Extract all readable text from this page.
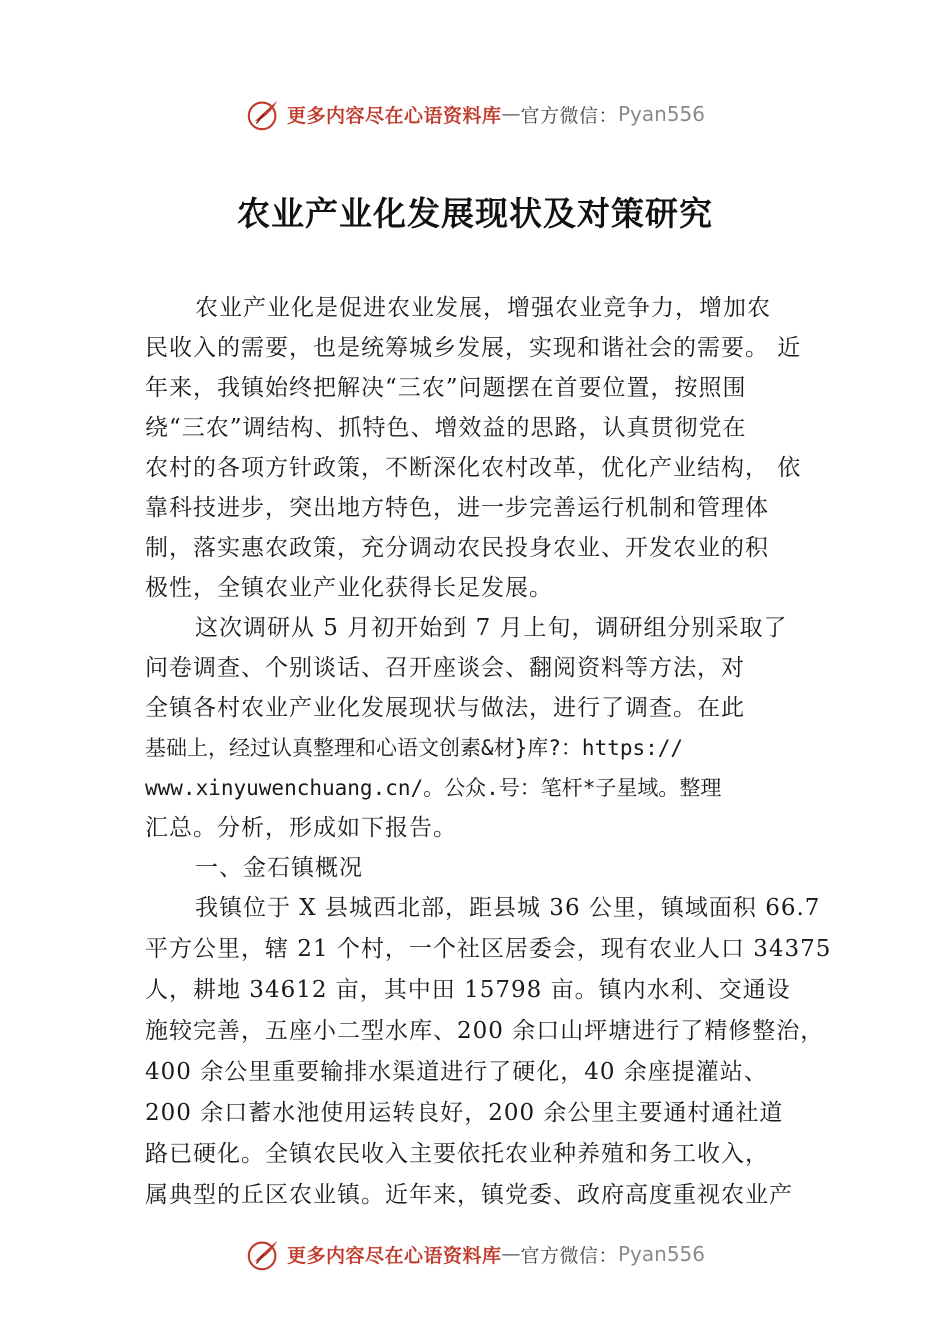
更多内容尽在心语资料库 — 官方微信： Pyan556
农业产业化发展现状及对策研究
农业产业化是促进农业发展，增强农业竞争力，增加农
民收入的需要，也是统筹城乡发展，实现和谐社会的需要。 近
年来，我镇始终把解决“三农”问题摆在首要位置，按照围
绕“三农”调结构、抓特色、增效益的思路，认真贯彻党在
农村的各项方针政策，不断深化农村改革，优化产业结构， 依
靠科技进步，突出地方特色，进一步完善运行机制和管理体
制，落实惠农政策，充分调动农民投身农业、开发农业的积
极性，全镇农业产业化获得长足发展。
这次调研从 5 月初开始到 7 月上旬，调研组分别采取了
问卷调查、个别谈话、召开座谈会、翻阅资料等方法，对
全镇各村农业产业化发展现状与做法，进行了调查。在此
基础上，经过认真整理和心语文创素&材}库?：https://
www.xinyuwenchuang.cn/。公众.号：笔杆*子星域。整理
汇总。分析，形成如下报告。
一、金石镇概况
我镇位于 X 县城西北部，距县城 36 公里，镇域面积 66.7
平方公里，辖 21 个村，一个社区居委会，现有农业人口 34375
人，耕地 34612 亩，其中田 15798 亩。镇内水利、交通设
施较完善，五座小二型水库、200 余口山坪塘进行了精修整治，
400 余公里重要输排水渠道进行了硬化，40 余座提灌站、
200 余口蓄水池使用运转良好，200 余公里主要通村通社道
路已硬化。全镇农民收入主要依托农业种养殖和务工收入，
属典型的丘区农业镇。近年来，镇党委、政府高度重视农业产
更多内容尽在心语资料库 — 官方微信： Pyan556
